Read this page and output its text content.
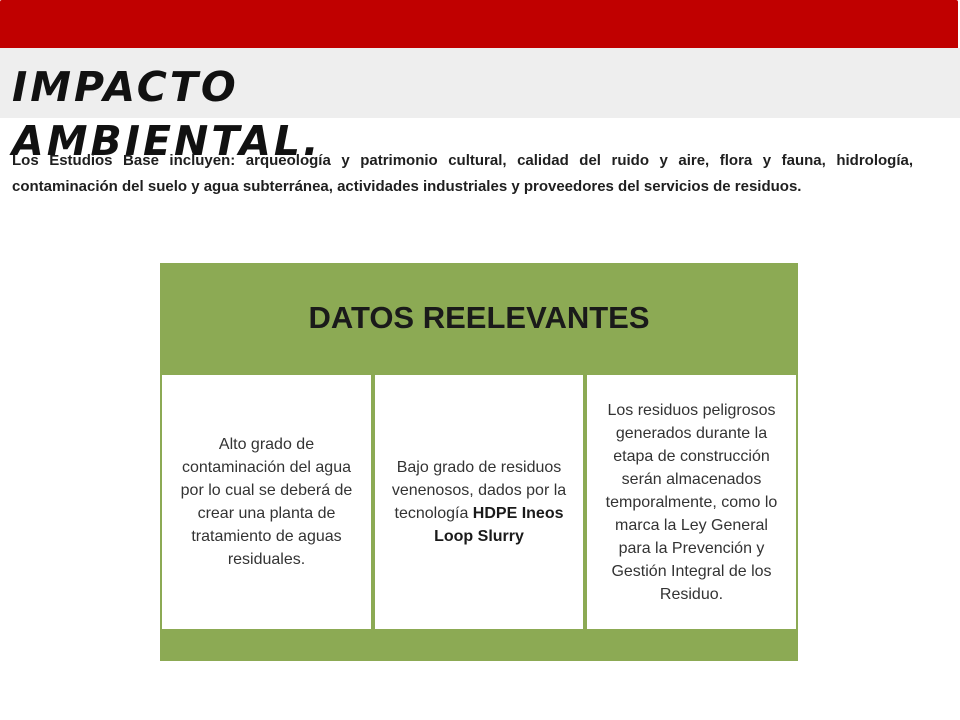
IMPACTO AMBIENTAL.

Los Estudios Base incluyen: arqueología y patrimonio cultural, calidad del ruido y aire, flora y fauna, hidrología, contaminación del suelo y agua subterránea, actividades industriales y proveedores del servicios de residuos.

DATOS REELEVANTES
Alto grado de contaminación del agua por lo cual se deberá de crear una planta de tratamiento de aguas residuales.
Bajo grado de residuos venenosos, dados por la tecnología HDPE Ineos Loop Slurry
Los residuos peligrosos generados durante la etapa de construcción serán almacenados temporalmente, como lo marca la Ley General para la Prevención y Gestión Integral de los Residuo.
